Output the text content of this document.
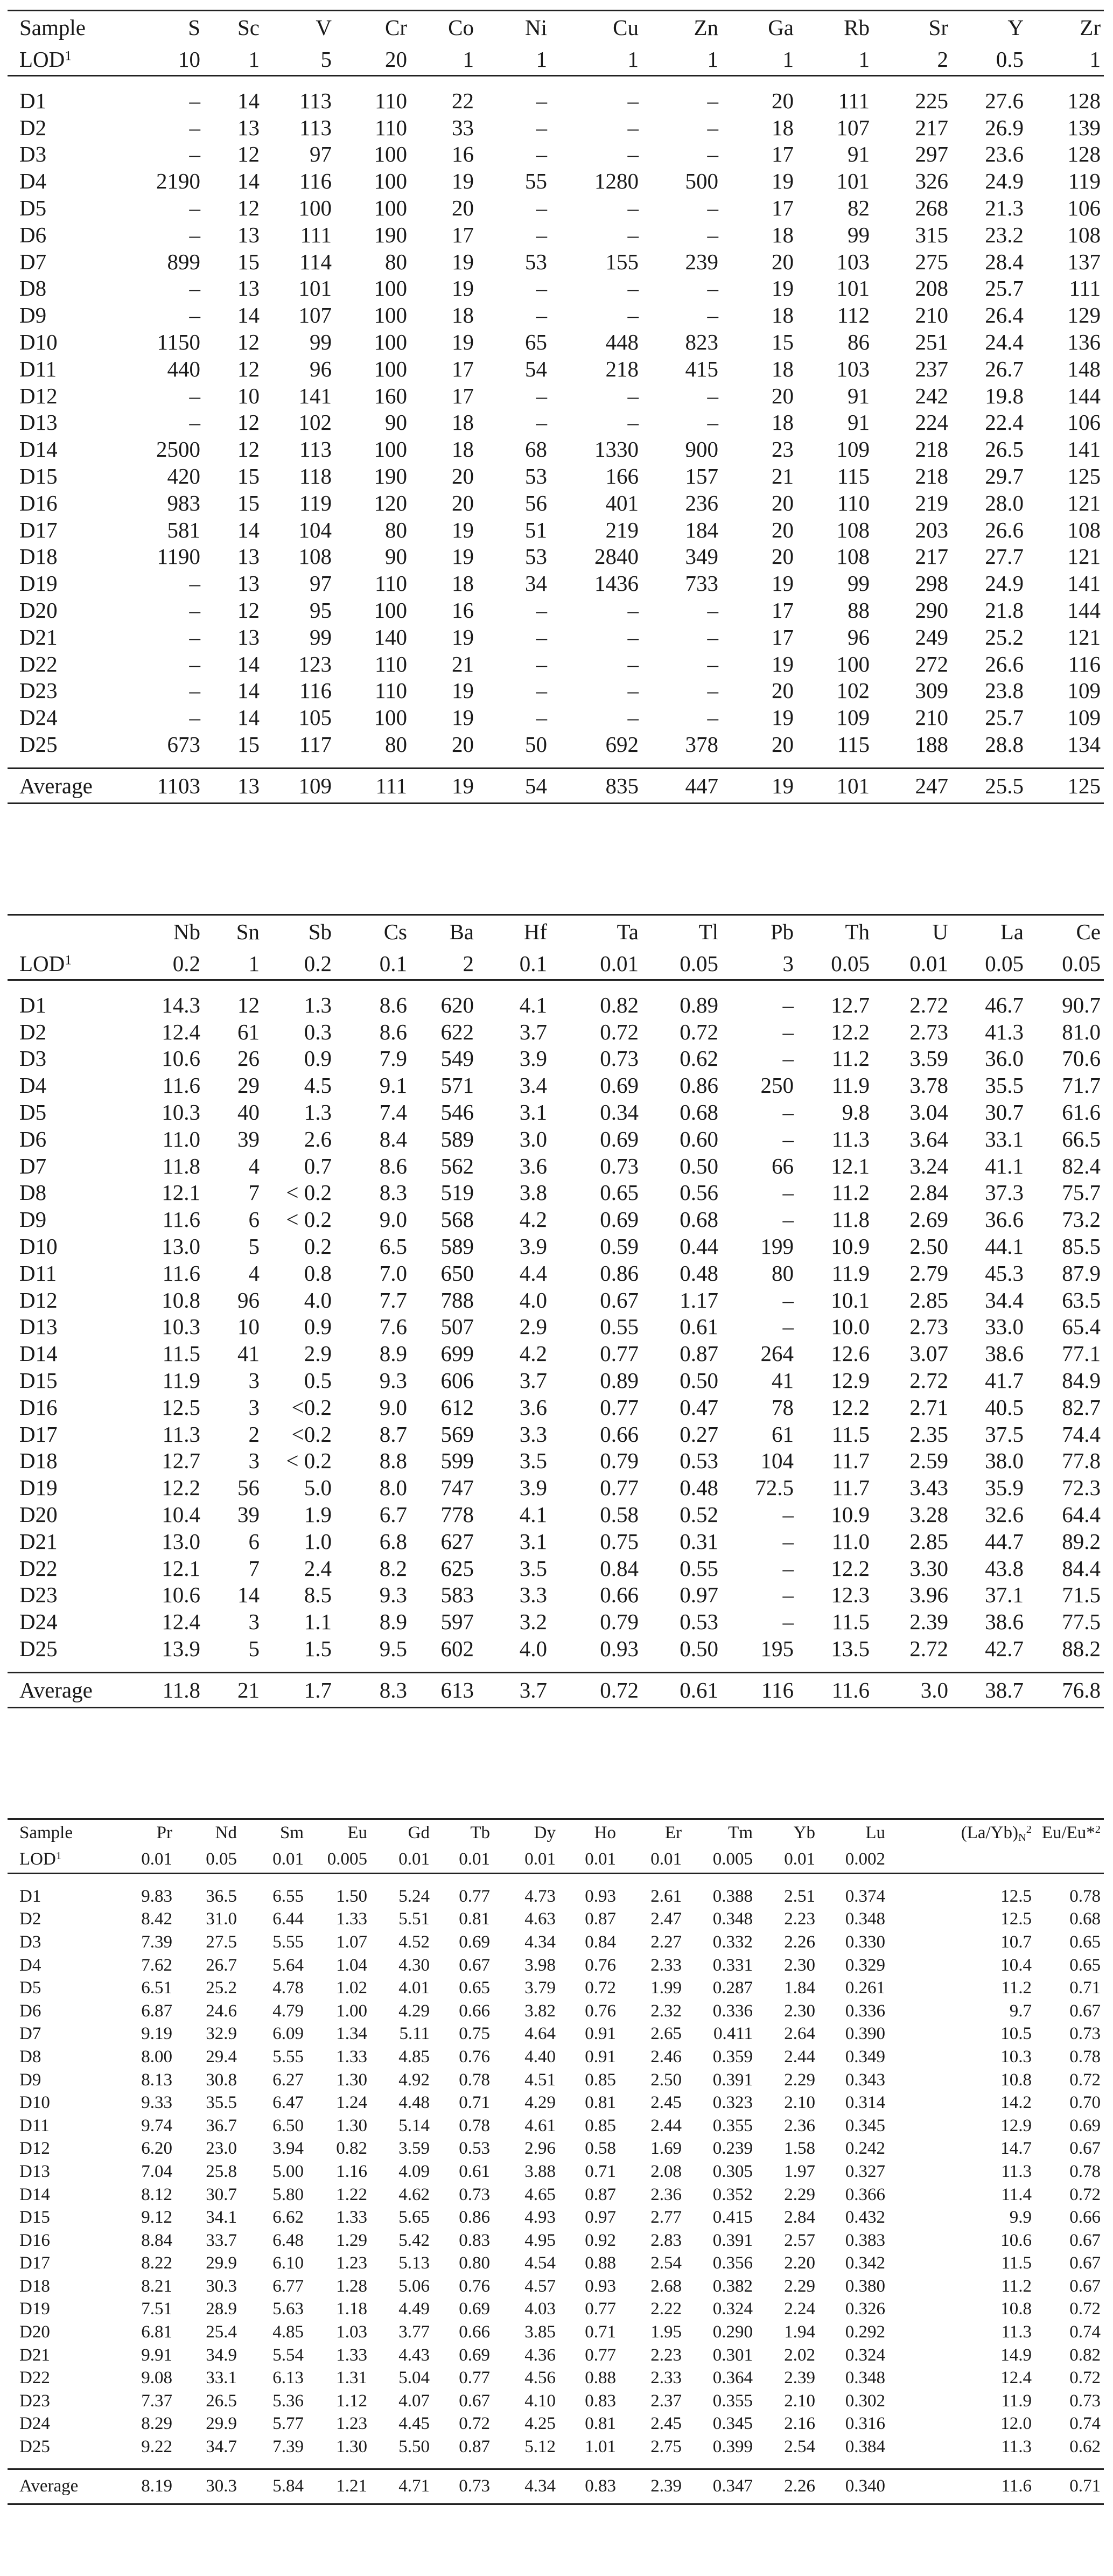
Sample	S	Sc	V	Cr	Co	Ni	Cu	Zn	Ga	Rb	Sr	Y	Zr
LOD$^1$	10	1	5	20	1	1	1	1	1	1	2	0.5	1

D1	–	14	113	110	22	–	–	–	20	111	225	27.6	128
D2	–	13	113	110	33	–	–	–	18	107	217	26.9	139
D3	–	12	97	100	16	–	–	–	17	91	297	23.6	128
D4	2190	14	116	100	19	55	1280	500	19	101	326	24.9	119
D5	–	12	100	100	20	–	–	–	17	82	268	21.3	106
D6	–	13	111	190	17	–	–	–	18	99	315	23.2	108
D7	899	15	114	80	19	53	155	239	20	103	275	28.4	137
D8	–	13	101	100	19	–	–	–	19	101	208	25.7	111
D9	–	14	107	100	18	–	–	–	18	112	210	26.4	129
D10	1150	12	99	100	19	65	448	823	15	86	251	24.4	136
D11	440	12	96	100	17	54	218	415	18	103	237	26.7	148
D12	–	10	141	160	17	–	–	–	20	91	242	19.8	144
D13	–	12	102	90	18	–	–	–	18	91	224	22.4	106
D14	2500	12	113	100	18	68	1330	900	23	109	218	26.5	141
D15	420	15	118	190	20	53	166	157	21	115	218	29.7	125
D16	983	15	119	120	20	56	401	236	20	110	219	28.0	121
D17	581	14	104	80	19	51	219	184	20	108	203	26.6	108
D18	1190	13	108	90	19	53	2840	349	20	108	217	27.7	121
D19	–	13	97	110	18	34	1436	733	19	99	298	24.9	141
D20	–	12	95	100	16	–	–	–	17	88	290	21.8	144
D21	–	13	99	140	19	–	–	–	17	96	249	25.2	121
D22	–	14	123	110	21	–	–	–	19	100	272	26.6	116
D23	–	14	116	110	19	–	–	–	20	102	309	23.8	109
D24	–	14	105	100	19	–	–	–	19	109	210	25.7	109
D25	673	15	117	80	20	50	692	378	20	115	188	28.8	134

Average	1103	13	109	111	19	54	835	447	19	101	247	25.5	125
	Nb	Sn	Sb	Cs	Ba	Hf	Ta	Tl	Pb	Th	U	La	Ce
LOD$^1$	0.2	1	0.2	0.1	2	0.1	0.01	0.05	3	0.05	0.01	0.05	0.05

D1	14.3	12	1.3	8.6	620	4.1	0.82	0.89	–	12.7	2.72	46.7	90.7
D2	12.4	61	0.3	8.6	622	3.7	0.72	0.72	–	12.2	2.73	41.3	81.0
D3	10.6	26	0.9	7.9	549	3.9	0.73	0.62	–	11.2	3.59	36.0	70.6
D4	11.6	29	4.5	9.1	571	3.4	0.69	0.86	250	11.9	3.78	35.5	71.7
D5	10.3	40	1.3	7.4	546	3.1	0.34	0.68	–	9.8	3.04	30.7	61.6
D6	11.0	39	2.6	8.4	589	3.0	0.69	0.60	–	11.3	3.64	33.1	66.5
D7	11.8	4	0.7	8.6	562	3.6	0.73	0.50	66	12.1	3.24	41.1	82.4
D8	12.1	7	< 0.2	8.3	519	3.8	0.65	0.56	–	11.2	2.84	37.3	75.7
D9	11.6	6	< 0.2	9.0	568	4.2	0.69	0.68	–	11.8	2.69	36.6	73.2
D10	13.0	5	0.2	6.5	589	3.9	0.59	0.44	199	10.9	2.50	44.1	85.5
D11	11.6	4	0.8	7.0	650	4.4	0.86	0.48	80	11.9	2.79	45.3	87.9
D12	10.8	96	4.0	7.7	788	4.0	0.67	1.17	–	10.1	2.85	34.4	63.5
D13	10.3	10	0.9	7.6	507	2.9	0.55	0.61	–	10.0	2.73	33.0	65.4
D14	11.5	41	2.9	8.9	699	4.2	0.77	0.87	264	12.6	3.07	38.6	77.1
D15	11.9	3	0.5	9.3	606	3.7	0.89	0.50	41	12.9	2.72	41.7	84.9
D16	12.5	3	<0.2	9.0	612	3.6	0.77	0.47	78	12.2	2.71	40.5	82.7
D17	11.3	2	<0.2	8.7	569	3.3	0.66	0.27	61	11.5	2.35	37.5	74.4
D18	12.7	3	< 0.2	8.8	599	3.5	0.79	0.53	104	11.7	2.59	38.0	77.8
D19	12.2	56	5.0	8.0	747	3.9	0.77	0.48	72.5	11.7	3.43	35.9	72.3
D20	10.4	39	1.9	6.7	778	4.1	0.58	0.52	–	10.9	3.28	32.6	64.4
D21	13.0	6	1.0	6.8	627	3.1	0.75	0.31	–	11.0	2.85	44.7	89.2
D22	12.1	7	2.4	8.2	625	3.5	0.84	0.55	–	12.2	3.30	43.8	84.4
D23	10.6	14	8.5	9.3	583	3.3	0.66	0.97	–	12.3	3.96	37.1	71.5
D24	12.4	3	1.1	8.9	597	3.2	0.79	0.53	–	11.5	2.39	38.6	77.5
D25	13.9	5	1.5	9.5	602	4.0	0.93	0.50	195	13.5	2.72	42.7	88.2

Average	11.8	21	1.7	8.3	613	3.7	0.72	0.61	116	11.6	3.0	38.7	76.8
Sample	Pr	Nd	Sm	Eu	Gd	Tb	Dy	Ho	Er	Tm	Yb	Lu	$(La/Yb)_N^2$	Eu/Eu*$^2$
LOD$^1$	0.01	0.05	0.01	0.005	0.01	0.01	0.01	0.01	0.01	0.005	0.01	0.002		

D1	9.83	36.5	6.55	1.50	5.24	0.77	4.73	0.93	2.61	0.388	2.51	0.374	12.5	0.78
D2	8.42	31.0	6.44	1.33	5.51	0.81	4.63	0.87	2.47	0.348	2.23	0.348	12.5	0.68
D3	7.39	27.5	5.55	1.07	4.52	0.69	4.34	0.84	2.27	0.332	2.26	0.330	10.7	0.65
D4	7.62	26.7	5.64	1.04	4.30	0.67	3.98	0.76	2.33	0.331	2.30	0.329	10.4	0.65
D5	6.51	25.2	4.78	1.02	4.01	0.65	3.79	0.72	1.99	0.287	1.84	0.261	11.2	0.71
D6	6.87	24.6	4.79	1.00	4.29	0.66	3.82	0.76	2.32	0.336	2.30	0.336	9.7	0.67
D7	9.19	32.9	6.09	1.34	5.11	0.75	4.64	0.91	2.65	0.411	2.64	0.390	10.5	0.73
D8	8.00	29.4	5.55	1.33	4.85	0.76	4.40	0.91	2.46	0.359	2.44	0.349	10.3	0.78
D9	8.13	30.8	6.27	1.30	4.92	0.78	4.51	0.85	2.50	0.391	2.29	0.343	10.8	0.72
D10	9.33	35.5	6.47	1.24	4.48	0.71	4.29	0.81	2.45	0.323	2.10	0.314	14.2	0.70
D11	9.74	36.7	6.50	1.30	5.14	0.78	4.61	0.85	2.44	0.355	2.36	0.345	12.9	0.69
D12	6.20	23.0	3.94	0.82	3.59	0.53	2.96	0.58	1.69	0.239	1.58	0.242	14.7	0.67
D13	7.04	25.8	5.00	1.16	4.09	0.61	3.88	0.71	2.08	0.305	1.97	0.327	11.3	0.78
D14	8.12	30.7	5.80	1.22	4.62	0.73	4.65	0.87	2.36	0.352	2.29	0.366	11.4	0.72
D15	9.12	34.1	6.62	1.33	5.65	0.86	4.93	0.97	2.77	0.415	2.84	0.432	9.9	0.66
D16	8.84	33.7	6.48	1.29	5.42	0.83	4.95	0.92	2.83	0.391	2.57	0.383	10.6	0.67
D17	8.22	29.9	6.10	1.23	5.13	0.80	4.54	0.88	2.54	0.356	2.20	0.342	11.5	0.67
D18	8.21	30.3	6.77	1.28	5.06	0.76	4.57	0.93	2.68	0.382	2.29	0.380	11.2	0.67
D19	7.51	28.9	5.63	1.18	4.49	0.69	4.03	0.77	2.22	0.324	2.24	0.326	10.8	0.72
D20	6.81	25.4	4.85	1.03	3.77	0.66	3.85	0.71	1.95	0.290	1.94	0.292	11.3	0.74
D21	9.91	34.9	5.54	1.33	4.43	0.69	4.36	0.77	2.23	0.301	2.02	0.324	14.9	0.82
D22	9.08	33.1	6.13	1.31	5.04	0.77	4.56	0.88	2.33	0.364	2.39	0.348	12.4	0.72
D23	7.37	26.5	5.36	1.12	4.07	0.67	4.10	0.83	2.37	0.355	2.10	0.302	11.9	0.73
D24	8.29	29.9	5.77	1.23	4.45	0.72	4.25	0.81	2.45	0.345	2.16	0.316	12.0	0.74
D25	9.22	34.7	7.39	1.30	5.50	0.87	5.12	1.01	2.75	0.399	2.54	0.384	11.3	0.62

Average	8.19	30.3	5.84	1.21	4.71	0.73	4.34	0.83	2.39	0.347	2.26	0.340	11.6	0.71
